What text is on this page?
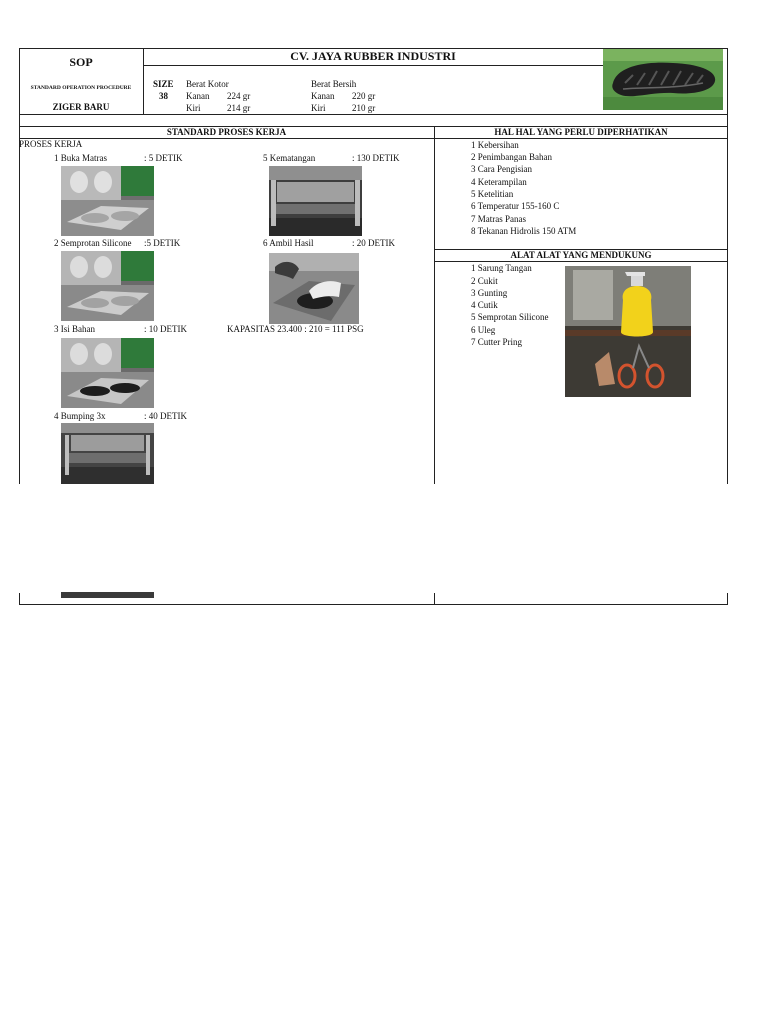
SOP
STANDARD OPERATION PROCEDURE
ZIGER BARU
CV. JAYA RUBBER INDUSTRI
SIZE
38
Berat Kotor
Kanan 224 gr
Kiri	214 gr
Berat Bersih
Kanan 220 gr
Kiri	210 gr
STANDARD PROSES KERJA	HAL HAL YANG PERLU DIPERHATIKAN
ALAT ALAT YANG MENDUKUNG
PROSES KERJA
1 Buka Matras	: 5 DETIK
2 Semprotan Silicone :5 DETIK
3 Isi Bahan	: 10 DETIK
4 Bumping 3x	: 40 DETIK
5 Kematangan	: 130 DETIK
6 Ambil Hasil	: 20 DETIK
KAPASITAS 23.400 : 210 = 111 PSG
1 Kebersihan
2 Penimbangan Bahan
3 Cara Pengisian
4 Keterampilan
5 Ketelitian
6 Temperatur 155-160 C
7 Matras Panas
8 Tekanan Hidrolis 150 ATM
1 Sarung Tangan
2 Cukit
3 Gunting
4 Cutik
5 Semprotan Silicone
6 Uleg
7 Cutter Pring
